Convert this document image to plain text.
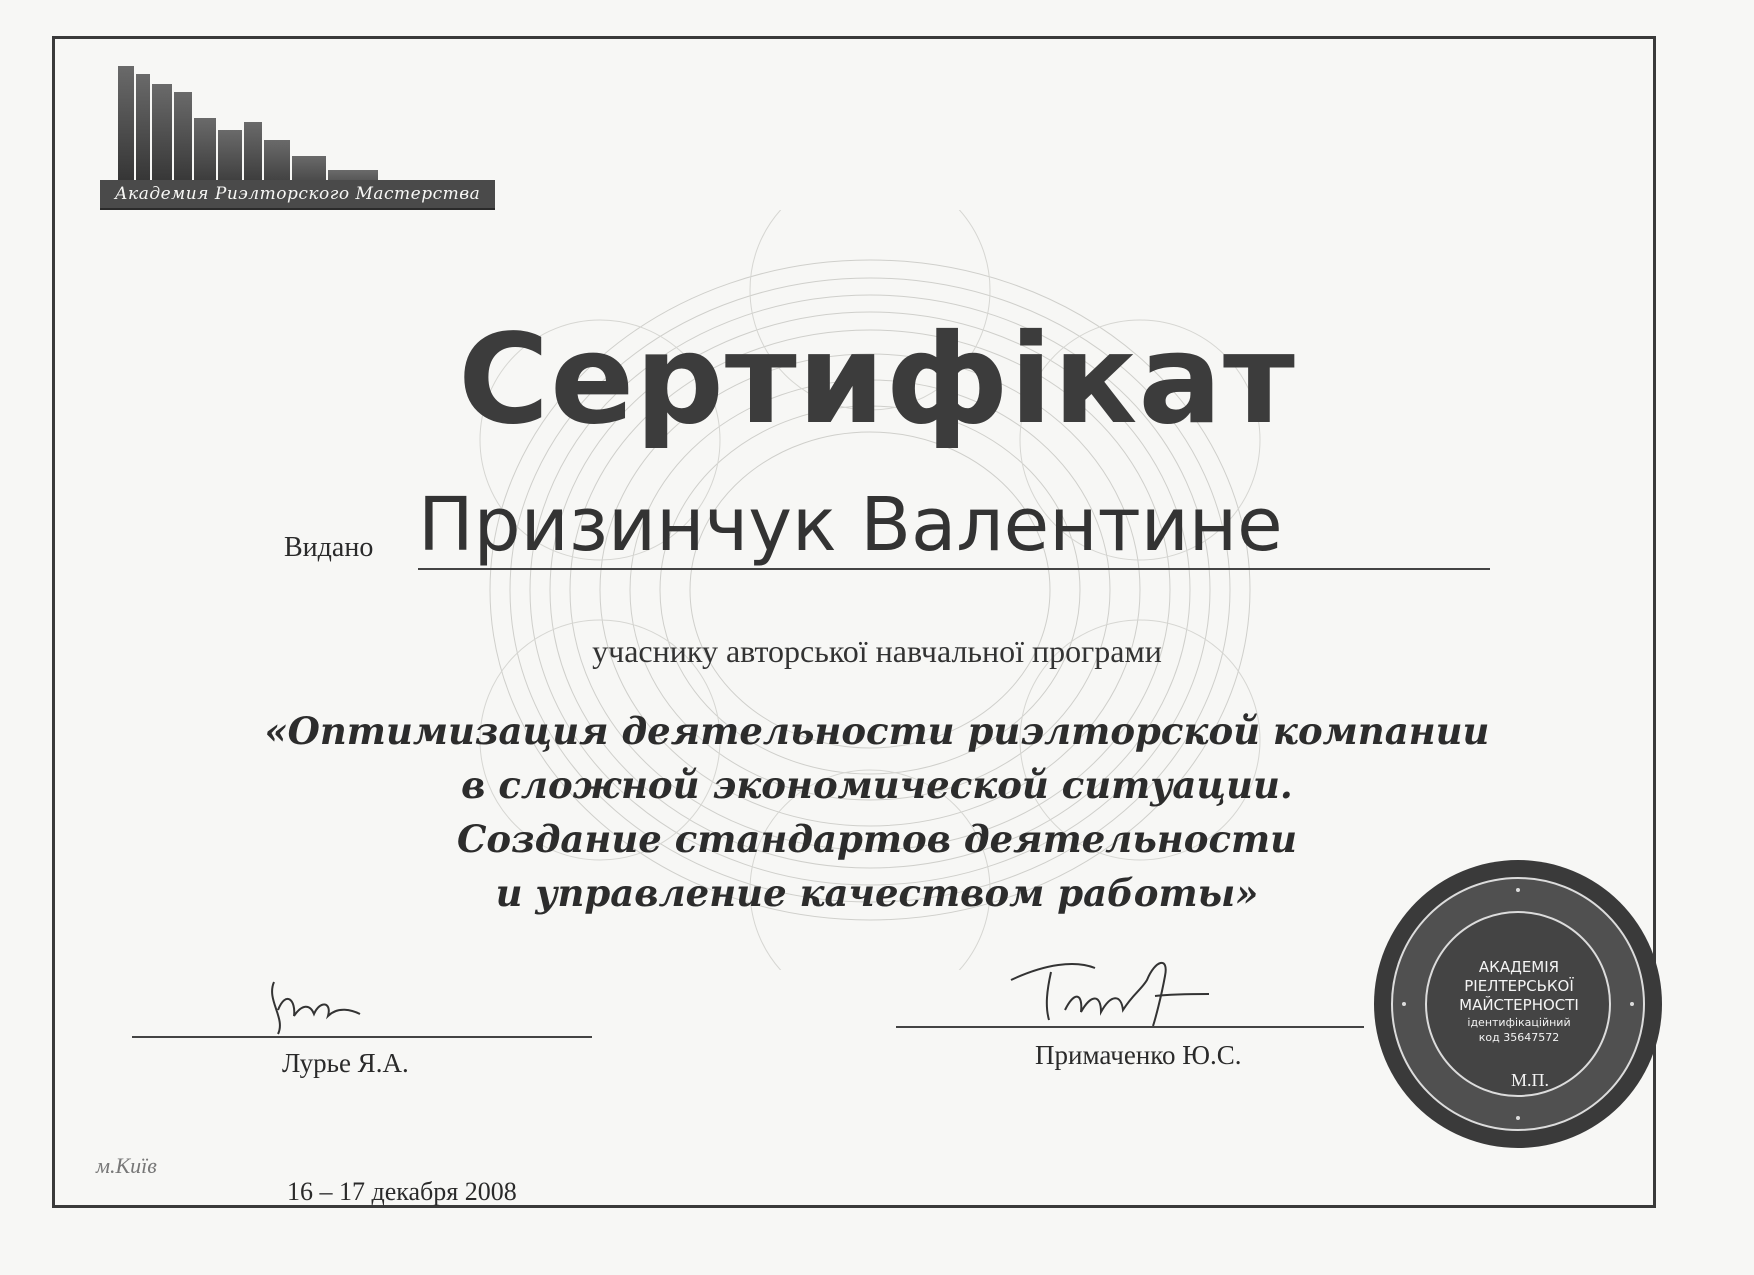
Академия Риэлторского Мастерства
Сертифікат
Видано Призинчук Валентине
учаснику авторської навчальної програми
«Оптимизация деятельности риэлторской компании
в сложной экономической ситуации.
Создание стандартов деятельности
и управление качеством работы»
Лурье Я.А.	Примаченко Ю.С.
АКАДЕМІЯ
РІЕЛТЕРСЬКОЇ
МАЙСТЕРНОСТІ
ідентифікаційний
код 35647572
М.П.
м.Київ
16 – 17 декабря 2008
